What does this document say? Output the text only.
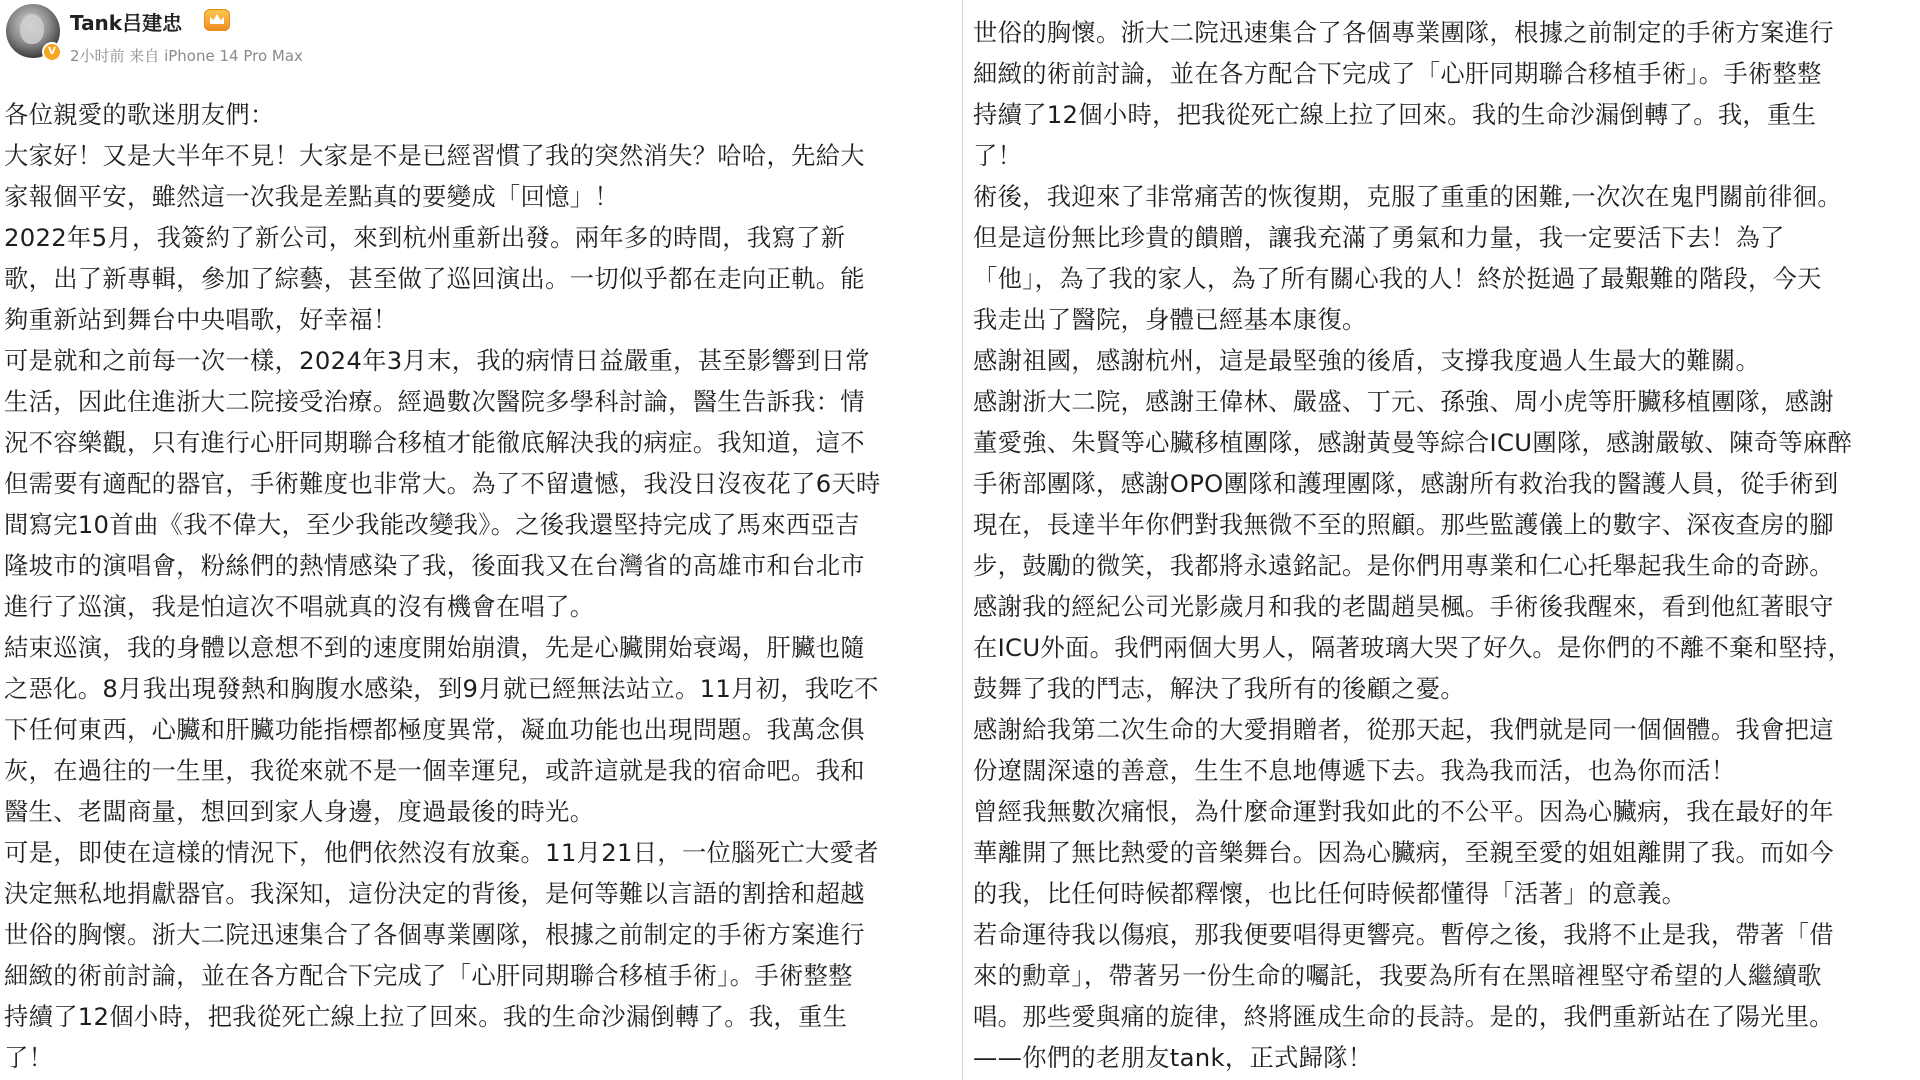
V
Tank吕建忠
2小时前 来自 iPhone 14 Pro Max

各位親愛的歌迷朋友們：

大家好！又是大半年不見！大家是不是已經習慣了我的突然消失？哈哈，先給大
家報個平安，雖然這一次我是差點真的要變成「回憶」！

2022年5月，我簽約了新公司，來到杭州重新出發。兩年多的時間，我寫了新
歌，出了新專輯，參加了綜藝，甚至做了巡回演出。一切似乎都在走向正軌。能
夠重新站到舞台中央唱歌，好幸福！

可是就和之前每一次一樣，2024年3月末，我的病情日益嚴重，甚至影響到日常
生活，因此住進浙大二院接受治療。經過數次醫院多學科討論，醫生告訴我：情
況不容樂觀，只有進行心肝同期聯合移植才能徹底解決我的病症。我知道，這不
但需要有適配的器官，手術難度也非常大。為了不留遺憾，我没日沒夜花了6天時
間寫完10首曲《我不偉大，至少我能改變我》。之後我還堅持完成了馬來西亞吉
隆坡市的演唱會，粉絲們的熱情感染了我，後面我又在台灣省的高雄市和台北市
進行了巡演，我是怕這次不唱就真的沒有機會在唱了。

結束巡演，我的身體以意想不到的速度開始崩潰，先是心臟開始衰竭，肝臟也隨
之惡化。8月我出現發熱和胸腹水感染，到9月就已經無法站立。11月初，我吃不
下任何東西，心臟和肝臟功能指標都極度異常，凝血功能也出現問題。我萬念俱
灰，在過往的一生里，我從來就不是一個幸運兒，或許這就是我的宿命吧。我和
醫生、老闆商量，想回到家人身邊，度過最後的時光。

可是，即使在這樣的情況下，他們依然沒有放棄。11月21日，一位腦死亡大愛者
決定無私地捐獻器官。我深知，這份決定的背後，是何等難以言語的割捨和超越
世俗的胸懷。浙大二院迅速集合了各個專業團隊，根據之前制定的手術方案進行
細緻的術前討論，並在各方配合下完成了「心肝同期聯合移植手術」。手術整整
持續了12個小時，把我從死亡線上拉了回來。我的生命沙漏倒轉了。我，重生
了！

世俗的胸懷。浙大二院迅速集合了各個專業團隊，根據之前制定的手術方案進行
細緻的術前討論，並在各方配合下完成了「心肝同期聯合移植手術」。手術整整
持續了12個小時，把我從死亡線上拉了回來。我的生命沙漏倒轉了。我，重生
了！

術後，我迎來了非常痛苦的恢復期，克服了重重的困難,一次次在鬼門關前徘徊。
但是這份無比珍貴的饋贈，讓我充滿了勇氣和力量，我一定要活下去！為了
「他」，為了我的家人，為了所有關心我的人！終於挺過了最艱難的階段，今天
我走出了醫院，身體已經基本康復。

感謝祖國，感謝杭州，這是最堅強的後盾，支撐我度過人生最大的難關。

感謝浙大二院，感謝王偉林、嚴盛、丁元、孫強、周小虎等肝臟移植團隊，感謝
董愛強、朱賢等心臟移植團隊，感謝黃曼等綜合ICU團隊，感謝嚴敏、陳奇等麻醉
手術部團隊，感謝OPO團隊和護理團隊，感謝所有救治我的醫護人員，從手術到
現在，長達半年你們對我無微不至的照顧。那些監護儀上的數字、深夜查房的腳
步，鼓勵的微笑，我都將永遠銘記。是你們用專業和仁心托舉起我生命的奇跡。

感謝我的經紀公司光影歲月和我的老闆趙昊楓。手術後我醒來，看到他紅著眼守
在ICU外面。我們兩個大男人，隔著玻璃大哭了好久。是你們的不離不棄和堅持，
鼓舞了我的鬥志，解決了我所有的後顧之憂。

感謝給我第二次生命的大愛捐贈者，從那天起，我們就是同一個個體。我會把這
份遼闊深遠的善意，生生不息地傳遞下去。我為我而活，也為你而活！

曾經我無數次痛恨，為什麼命運對我如此的不公平。因為心臟病，我在最好的年
華離開了無比熱愛的音樂舞台。因為心臟病，至親至愛的姐姐離開了我。而如今
的我，比任何時候都釋懷，也比任何時候都懂得「活著」的意義。

若命運待我以傷痕，那我便要唱得更響亮。暫停之後，我將不止是我，帶著「借
來的勳章」，帶著另一份生命的囑託，我要為所有在黑暗裡堅守希望的人繼續歌
唱。那些愛與痛的旋律，終將匯成生命的長詩。是的，我們重新站在了陽光里。

——你們的老朋友tank，正式歸隊！
